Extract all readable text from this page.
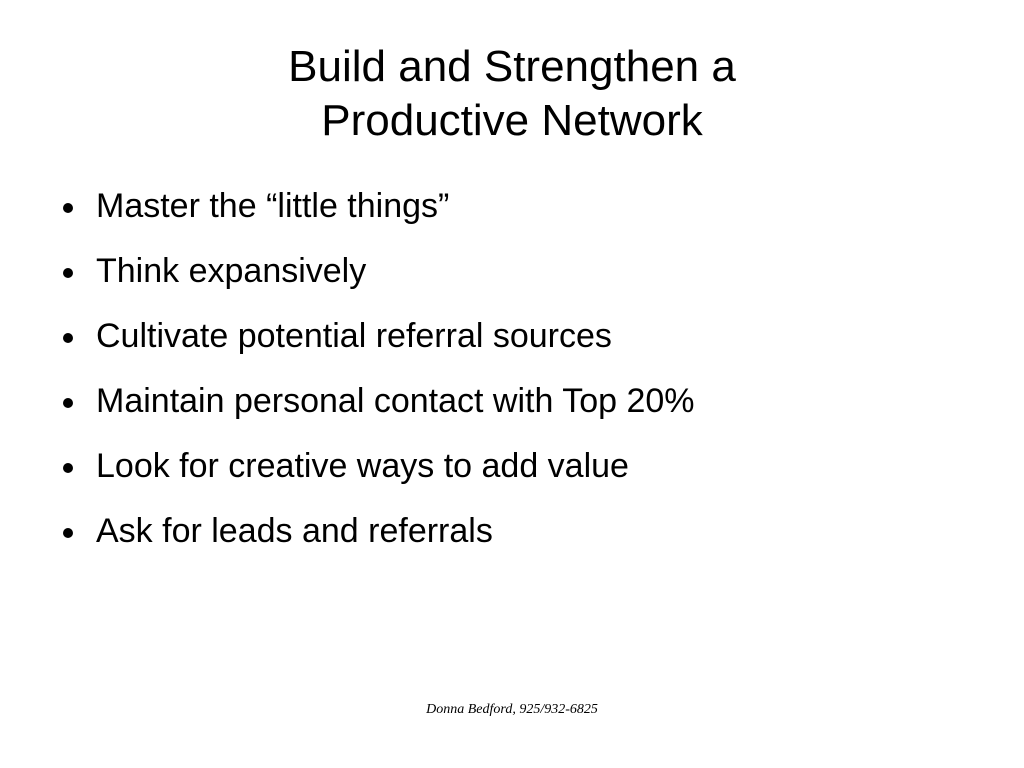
Build and Strengthen a
Productive Network
Master the “little things”
Think expansively
Cultivate potential referral sources
Maintain personal contact with Top 20%
Look for creative ways to add value
Ask for leads and referrals
Donna Bedford, 925/932-6825
